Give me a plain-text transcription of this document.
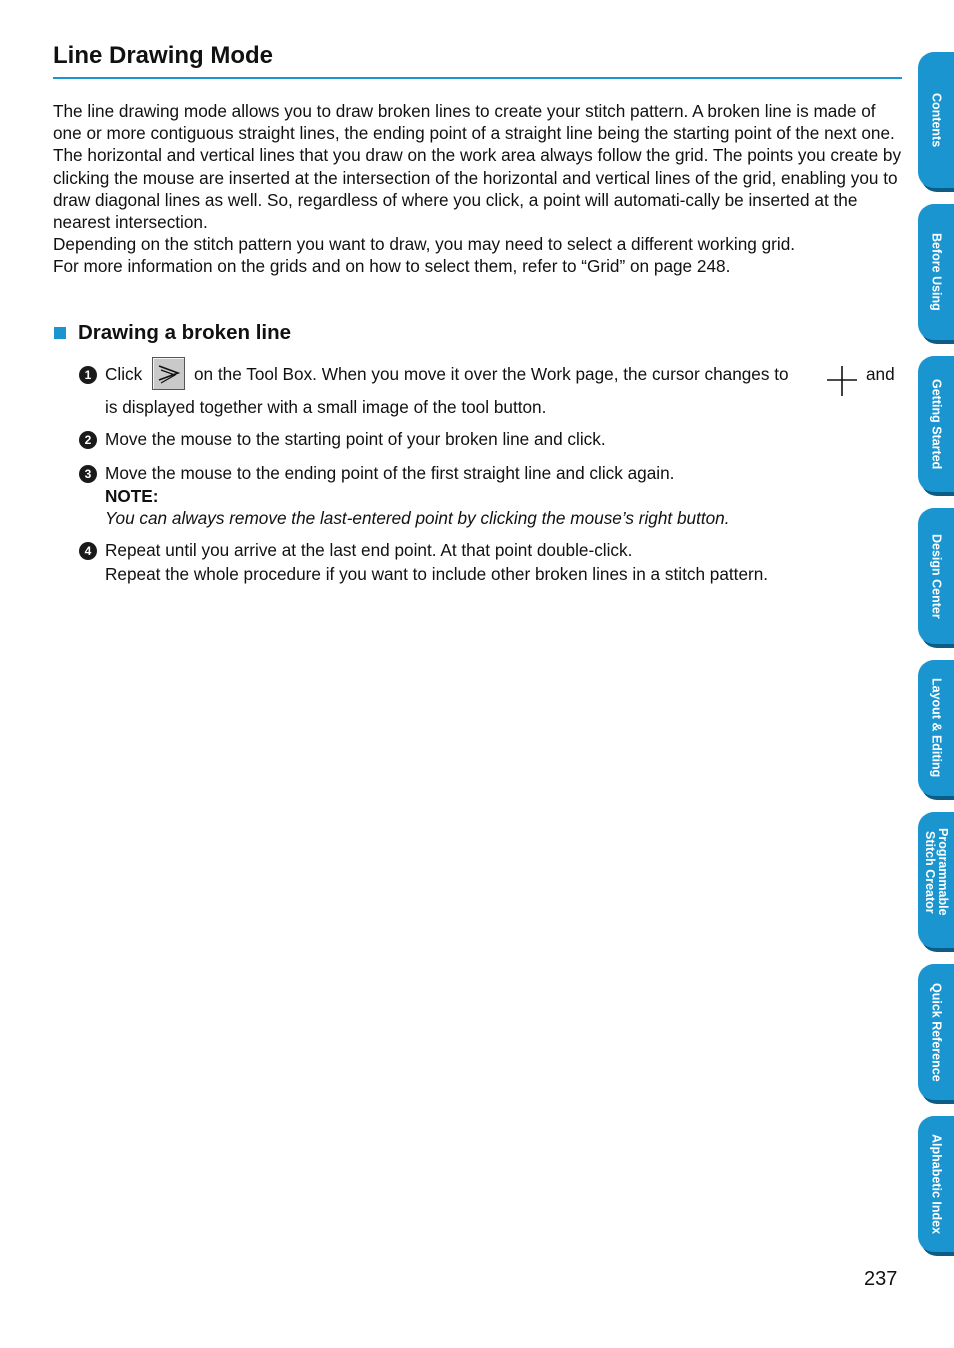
Line Drawing Mode

The line drawing mode allows you to draw broken lines to create your stitch pattern. A broken line is made of one or more contiguous straight lines, the ending point of a straight line being the starting point of the next one.

The horizontal and vertical lines that you draw on the work area always follow the grid. The points you create by clicking the mouse are inserted at the intersection of the horizontal and vertical lines of the grid, enabling you to draw diagonal lines as well. So, regardless of where you click, a point will automati-cally be inserted at the nearest intersection.

Depending on the stitch pattern you want to draw, you may need to select a different working grid.

For more information on the grids and on how to select them, refer to “Grid” on page 248.

Drawing a broken line
1 Click	on the Tool Box. When you move it over the Work page, the cursor changes to	and
is displayed together with a small image of the tool button.
2 Move the mouse to the starting point of your broken line and click.
3 Move the mouse to the ending point of the first straight line and click again.
NOTE:
You can always remove the last-entered point by clicking the mouse’s right button.
4 Repeat until you arrive at the last end point. At that point double-click.
Repeat the whole procedure if you want to include other broken lines in a stitch pattern.
Contents
Before Using
Getting Started
Design Center
Layout & Editing
Programmable Stitch Creator
Quick Reference
Alphabetic Index
237
